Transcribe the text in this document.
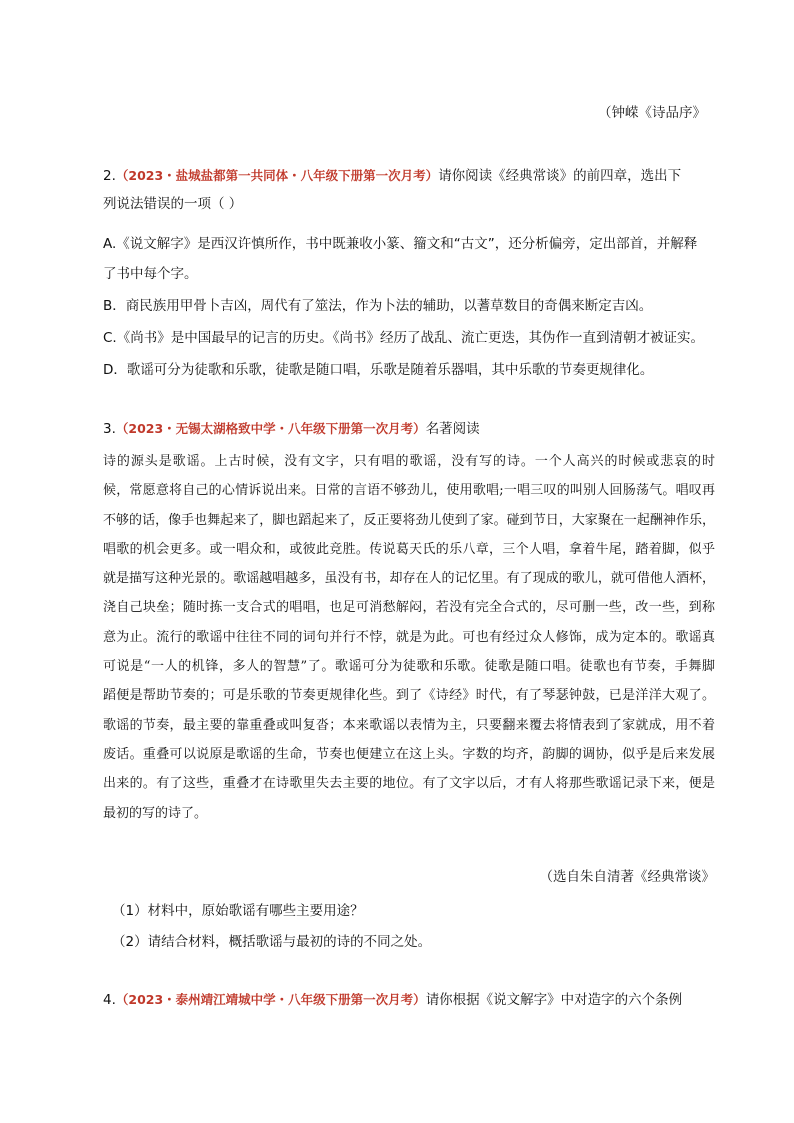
（钟嵘《诗品序》
2.（2023・盐城盐都第一共同体・八年级下册第一次月考）请你阅读《经典常谈》的前四章，选出下
列说法错误的一项（ ）
A.《说文解字》是西汉许慎所作，书中既兼收小篆、籀文和“古文”，还分析偏旁，定出部首，并解释
了书中每个字。
B．商民族用甲骨卜吉凶，周代有了筮法，作为卜法的辅助，以蓍草数目的奇偶来断定吉凶。
C.《尚书》是中国最早的记言的历史。《尚书》经历了战乱、流亡更迭，其伪作一直到清朝才被证实。
D．歌谣可分为徒歌和乐歌，徒歌是随口唱，乐歌是随着乐器唱，其中乐歌的节奏更规律化。
3.（2023・无锡太湖格致中学・八年级下册第一次月考）名著阅读
诗的源头是歌谣。上古时候，没有文字，只有唱的歌谣，没有写的诗。一个人高兴的时候或悲哀的时
候，常愿意将自己的心情诉说出来。日常的言语不够劲儿，使用歌唱;一唱三叹的叫别人回肠荡气。唱叹再
不够的话，像手也舞起来了，脚也蹈起来了，反正要将劲儿使到了家。碰到节日，大家聚在一起酬神作乐，
唱歌的机会更多。或一唱众和，或彼此竞胜。传说葛天氏的乐八章，三个人唱，拿着牛尾，踏着脚，似乎
就是描写这种光景的。歌谣越唱越多，虽没有书，却存在人的记忆里。有了现成的歌儿，就可借他人酒杯，
浇自己块垒；随时拣一支合式的唱唱，也足可消愁解闷，若没有完全合式的，尽可删一些，改一些，到称
意为止。流行的歌谣中往往不同的词句并行不悖，就是为此。可也有经过众人修饰，成为定本的。歌谣真
可说是“一人的机锋，多人的智慧”了。歌谣可分为徒歌和乐歌。徒歌是随口唱。徒歌也有节奏，手舞脚
蹈便是帮助节奏的；可是乐歌的节奏更规律化些。到了《诗经》时代，有了琴瑟钟鼓，已是洋洋大观了。
歌谣的节奏，最主要的靠重叠或叫复沓；本来歌谣以表情为主，只要翻来覆去将情表到了家就成，用不着
废话。重叠可以说原是歌谣的生命，节奏也便建立在这上头。字数的均齐，韵脚的调协，似乎是后来发展
出来的。有了这些，重叠才在诗歌里失去主要的地位。有了文字以后，才有人将那些歌谣记录下来，便是
最初的写的诗了。
（选自朱自清著《经典常谈》
（1）材料中，原始歌谣有哪些主要用途？
（2）请结合材料，概括歌谣与最初的诗的不同之处。
4.（2023・泰州靖江靖城中学・八年级下册第一次月考）请你根据《说文解字》中对造字的六个条例
